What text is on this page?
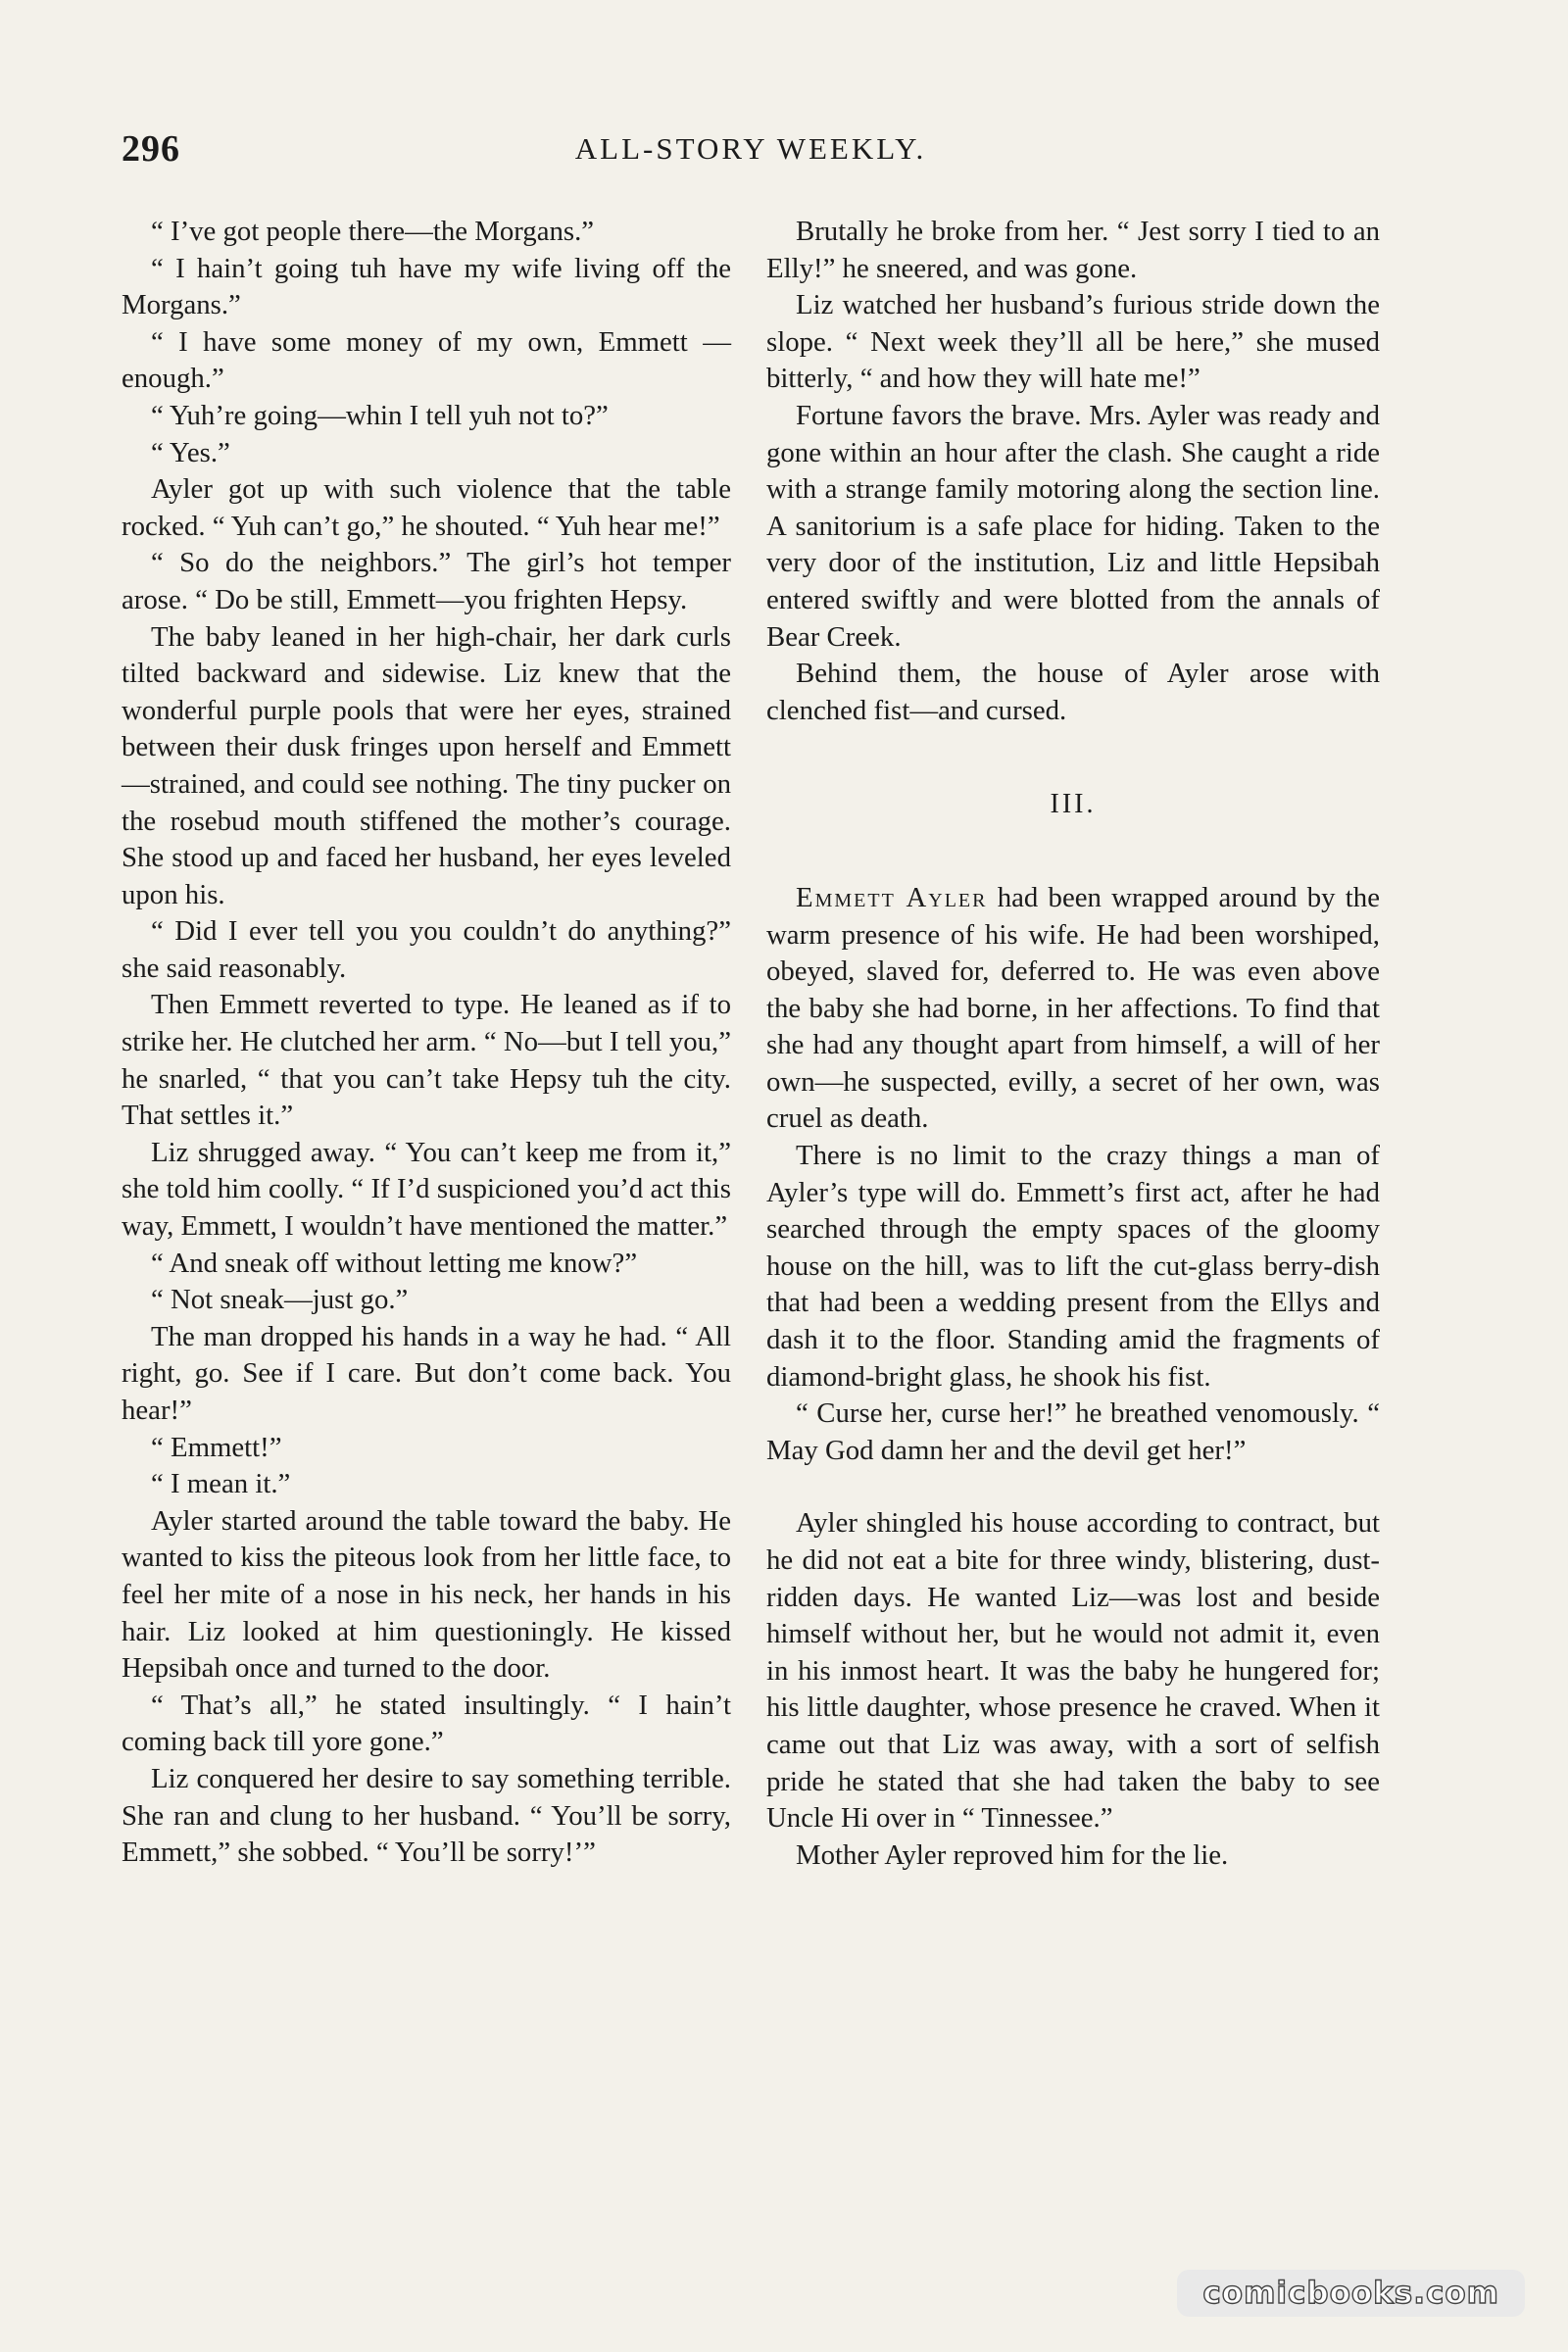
296	ALL-STORY WEEKLY.

“ I’ve got people there—the Morgans.”

“ I hain’t going tuh have my wife living off the Morgans.”

“ I have some money of my own, Emmett —enough.”

“ Yuh’re going—whin I tell yuh not to?”

“ Yes.”

Ayler got up with such violence that the table rocked. “ Yuh can’t go,” he shouted. “ Yuh hear me!”

“ So do the neighbors.” The girl’s hot temper arose. “ Do be still, Emmett—you frighten Hepsy.

The baby leaned in her high-chair, her dark curls tilted backward and sidewise. Liz knew that the wonderful purple pools that were her eyes, strained between their dusk fringes upon herself and Emmett—strained, and could see nothing. The tiny pucker on the rosebud mouth stiffened the mother’s courage. She stood up and faced her husband, her eyes leveled upon his.

“ Did I ever tell you you couldn’t do anything?” she said reasonably.

Then Emmett reverted to type. He leaned as if to strike her. He clutched her arm. “ No—but I tell you,” he snarled, “ that you can’t take Hepsy tuh the city. That settles it.”

Liz shrugged away. “ You can’t keep me from it,” she told him coolly. “ If I’d suspicioned you’d act this way, Emmett, I wouldn’t have mentioned the matter.”

“ And sneak off without letting me know?”

“ Not sneak—just go.”

The man dropped his hands in a way he had. “ All right, go. See if I care. But don’t come back. You hear!”

“ Emmett!”

“ I mean it.”

Ayler started around the table toward the baby. He wanted to kiss the piteous look from her little face, to feel her mite of a nose in his neck, her hands in his hair. Liz looked at him questioningly. He kissed Hepsibah once and turned to the door.

“ That’s all,” he stated insultingly. “ I hain’t coming back till yore gone.”

Liz conquered her desire to say something terrible. She ran and clung to her husband. “ You’ll be sorry, Emmett,” she sobbed. “ You’ll be sorry!’”

Brutally he broke from her. “ Jest sorry I tied to an Elly!” he sneered, and was gone.

Liz watched her husband’s furious stride down the slope. “ Next week they’ll all be here,” she mused bitterly, “ and how they will hate me!”

Fortune favors the brave. Mrs. Ayler was ready and gone within an hour after the clash. She caught a ride with a strange family motoring along the section line. A sanitorium is a safe place for hiding. Taken to the very door of the institution, Liz and little Hepsibah entered swiftly and were blotted from the annals of Bear Creek.

Behind them, the house of Ayler arose with clenched fist—and cursed.

III.

Emmett Ayler had been wrapped around by the warm presence of his wife. He had been worshiped, obeyed, slaved for, deferred to. He was even above the baby she had borne, in her affections. To find that she had any thought apart from himself, a will of her own—he suspected, evilly, a secret of her own, was cruel as death.

There is no limit to the crazy things a man of Ayler’s type will do. Emmett’s first act, after he had searched through the empty spaces of the gloomy house on the hill, was to lift the cut-glass berry-dish that had been a wedding present from the Ellys and dash it to the floor. Standing amid the fragments of diamond-bright glass, he shook his fist.

“ Curse her, curse her!” he breathed venomously. “ May God damn her and the devil get her!”

Ayler shingled his house according to contract, but he did not eat a bite for three windy, blistering, dust-ridden days. He wanted Liz—was lost and beside himself without her, but he would not admit it, even in his inmost heart. It was the baby he hungered for; his little daughter, whose presence he craved. When it came out that Liz was away, with a sort of selfish pride he stated that she had taken the baby to see Uncle Hi over in “ Tinnessee.”

Mother Ayler reproved him for the lie.

comicbooks.com
